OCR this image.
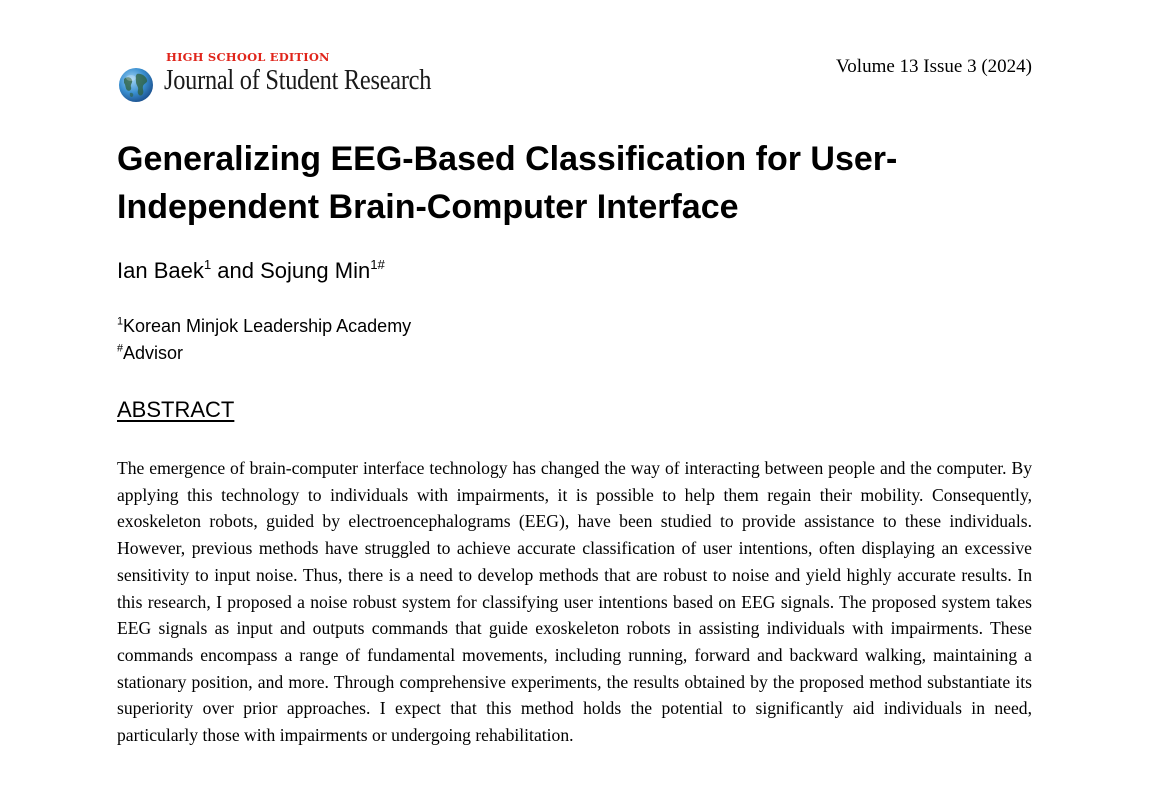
HIGH SCHOOL EDITION
Journal of Student Research	Volume 13 Issue 3 (2024)
Generalizing EEG-Based Classification for User-Independent Brain-Computer Interface
Ian Baek$^1$ and Sojung Min$^{1\#}$
$^1$Korean Minjok Leadership Academy
#Advisor
ABSTRACT

The emergence of brain-computer interface technology has changed the way of interacting between people and the computer. By applying this technology to individuals with impairments, it is possible to help them regain their mobility. Consequently, exoskeleton robots, guided by electroencephalograms (EEG), have been studied to provide assistance to these individuals. However, previous methods have struggled to achieve accurate classification of user intentions, often displaying an excessive sensitivity to input noise. Thus, there is a need to develop methods that are robust to noise and yield highly accurate results. In this research, I proposed a noise robust system for classifying user intentions based on EEG signals. The proposed system takes EEG signals as input and outputs commands that guide exoskeleton robots in assisting individuals with impairments. These commands encompass a range of fundamental movements, including running, forward and backward walking, maintaining a stationary position, and more. Through comprehensive experiments, the results obtained by the proposed method substantiate its superiority over prior approaches. I expect that this method holds the potential to significantly aid individuals in need, particularly those with impairments or undergoing rehabilitation.
